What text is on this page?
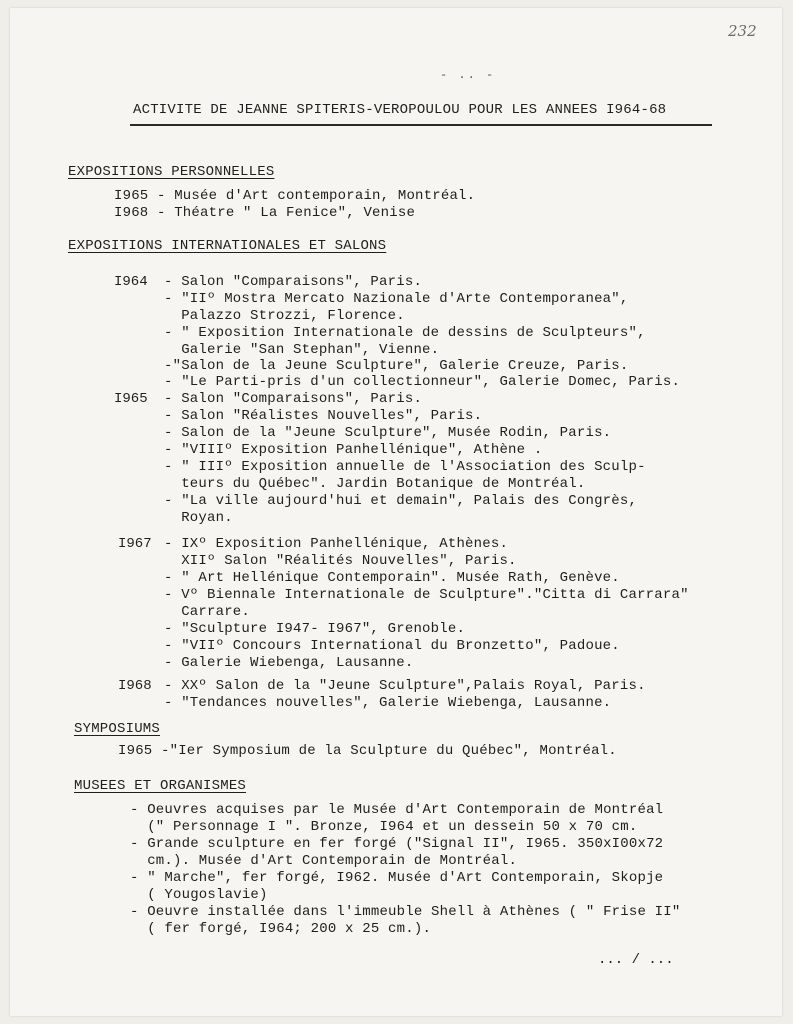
232
- .. -
ACTIVITE DE JEANNE SPITERIS-VEROPOULOU POUR LES ANNEES I964-68
EXPOSITIONS PERSONNELLES
I965 - Musée d'Art contemporain, Montréal.
I968 - Théatre " La Fenice", Venise
EXPOSITIONS INTERNATIONALES ET SALONS
I964 - Salon "Comparaisons", Paris.
- "IIº Mostra Mercato Nazionale d'Arte Contemporanea",
Palazzo Strozzi, Florence.
- " Exposition Internationale de dessins de Sculpteurs",
Galerie "San Stephan", Vienne.
-"Salon de la Jeune Sculpture", Galerie Creuze, Paris.
- "Le Parti-pris d'un collectionneur", Galerie Domec, Paris.
I965 - Salon "Comparaisons", Paris.
- Salon "Réalistes Nouvelles", Paris.
- Salon de la "Jeune Sculpture", Musée Rodin, Paris.
- "VIIIº Exposition Panhellénique", Athène .
- " IIIº Exposition annuelle de l'Association des Sculp-
teurs du Québec". Jardin Botanique de Montréal.
- "La ville aujourd'hui et demain", Palais des Congrès,
Royan.
I967 - IXº Exposition Panhellénique, Athènes.
XIIº Salon "Réalités Nouvelles", Paris.
- " Art Hellénique Contemporain". Musée Rath, Genève.
- Vº Biennale Internationale de Sculpture"."Citta di Carrara"
Carrare.
- "Sculpture I947- I967", Grenoble.
- "VIIº Concours International du Bronzetto", Padoue.
- Galerie Wiebenga, Lausanne.
I968 - XXº Salon de la "Jeune Sculpture",Palais Royal, Paris.
- "Tendances nouvelles", Galerie Wiebenga, Lausanne.
SYMPOSIUMS
I965 -"Ier Symposium de la Sculpture du Québec", Montréal.
MUSEES ET ORGANISMES
- Oeuvres acquises par le Musée d'Art Contemporain de Montréal
(" Personnage I ". Bronze, I964 et un dessein 50 x 70 cm.
- Grande sculpture en fer forgé ("Signal II", I965. 350xI00x72
cm.). Musée d'Art Contemporain de Montréal.
- " Marche", fer forgé, I962. Musée d'Art Contemporain, Skopje
( Yougoslavie)
- Oeuvre installée dans l'immeuble Shell à Athènes ( " Frise II"
( fer forgé, I964; 200 x 25 cm.).
... / ...
